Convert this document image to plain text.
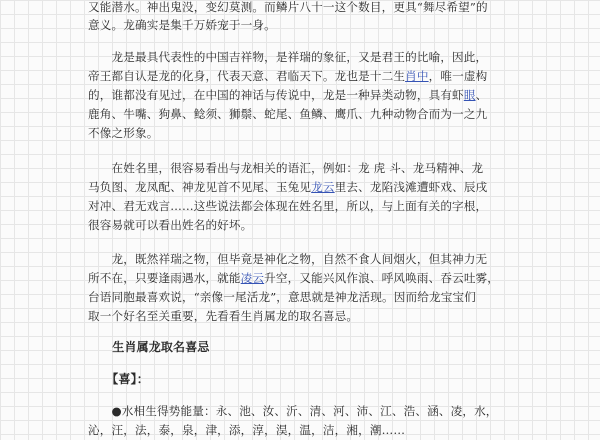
又能潜水。神出鬼没，变幻莫测。而鳞片八十一这个数目，更具“舞尽希望”的
意义。龙确实是集千万娇宠于一身。
　　龙是最具代表性的中国吉祥物，是祥瑞的象征，又是君王的比喻，因此，
帝王都自认是龙的化身，代表天意、君临天下。龙也是十二生肖中，唯一虚构
的，谁都没有见过，在中国的神话与传说中，龙是一种异类动物，具有虾眼、
鹿角、牛嘴、狗鼻、鲶须、狮鬃、蛇尾、鱼鳞、鹰爪、九种动物合而为一之九
不像之形象。
　　在姓名里，很容易看出与龙相关的语汇，例如：龙 虎 斗、龙马精神、龙
马负图、龙凤配、神龙见首不见尾、玉兔见龙云里去、龙陷浅滩遭虾戏、辰戌
对冲、君无戏言……这些说法都会体现在姓名里，所以，与上面有关的字根，
很容易就可以看出姓名的好坏。
　　龙，既然祥瑞之物，但毕竟是神化之物，自然不食人间烟火，但其神力无
所不在，只要逢雨遇水，就能凌云升空，又能兴风作浪、呼风唤雨、吞云吐雾，
台语同胞最喜欢说，“亲像一尾活龙”，意思就是神龙活现。因而给龙宝宝们
取一个好名至关重要，先看看生肖属龙的取名喜忌。
　　生肖属龙取名喜忌
　　【喜】：
　　●水相生得势能量：永、池、汝、沂、清、河、沛、江、浩、涵、凌，水，
沁，汪，法，泰，泉，津，添，淳，淏，温，洁，湘，潮……
